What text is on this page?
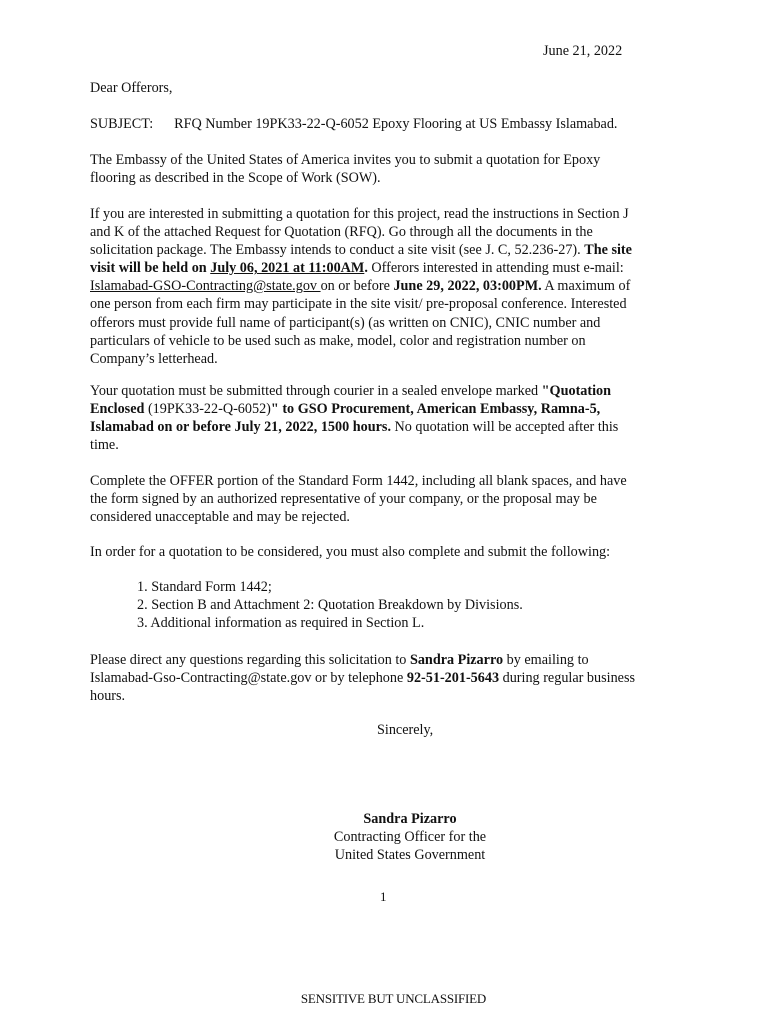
June 21, 2022
Dear Offerors,
SUBJECT: RFQ Number 19PK33-22-Q-6052 Epoxy Flooring at US Embassy Islamabad.
The Embassy of the United States of America invites you to submit a quotation for Epoxy
flooring as described in the Scope of Work (SOW).
If you are interested in submitting a quotation for this project, read the instructions in Section J
and K of the attached Request for Quotation (RFQ). Go through all the documents in the
solicitation package. The Embassy intends to conduct a site visit (see J. C, 52.236-27). The site
visit will be held on July 06, 2021 at 11:00AM. Offerors interested in attending must e-mail:
Islamabad-GSO-Contracting@state.gov on or before June 29, 2022, 03:00PM. A maximum of
one person from each firm may participate in the site visit/ pre-proposal conference. Interested
offerors must provide full name of participant(s) (as written on CNIC), CNIC number and
particulars of vehicle to be used such as make, model, color and registration number on
Company’s letterhead.
Your quotation must be submitted through courier in a sealed envelope marked "Quotation
Enclosed (19PK33-22-Q-6052)" to GSO Procurement, American Embassy, Ramna-5,
Islamabad on or before July 21, 2022, 1500 hours. No quotation will be accepted after this
time.
Complete the OFFER portion of the Standard Form 1442, including all blank spaces, and have
the form signed by an authorized representative of your company, or the proposal may be
considered unacceptable and may be rejected.
In order for a quotation to be considered, you must also complete and submit the following:
1. Standard Form 1442;
2. Section B and Attachment 2: Quotation Breakdown by Divisions.
3. Additional information as required in Section L.
Please direct any questions regarding this solicitation to Sandra Pizarro by emailing to
Islamabad-Gso-Contracting@state.gov or by telephone 92-51-201-5643 during regular business
hours.
Sincerely,
Sandra Pizarro
Contracting Officer for the
United States Government
1
SENSITIVE BUT UNCLASSIFIED
